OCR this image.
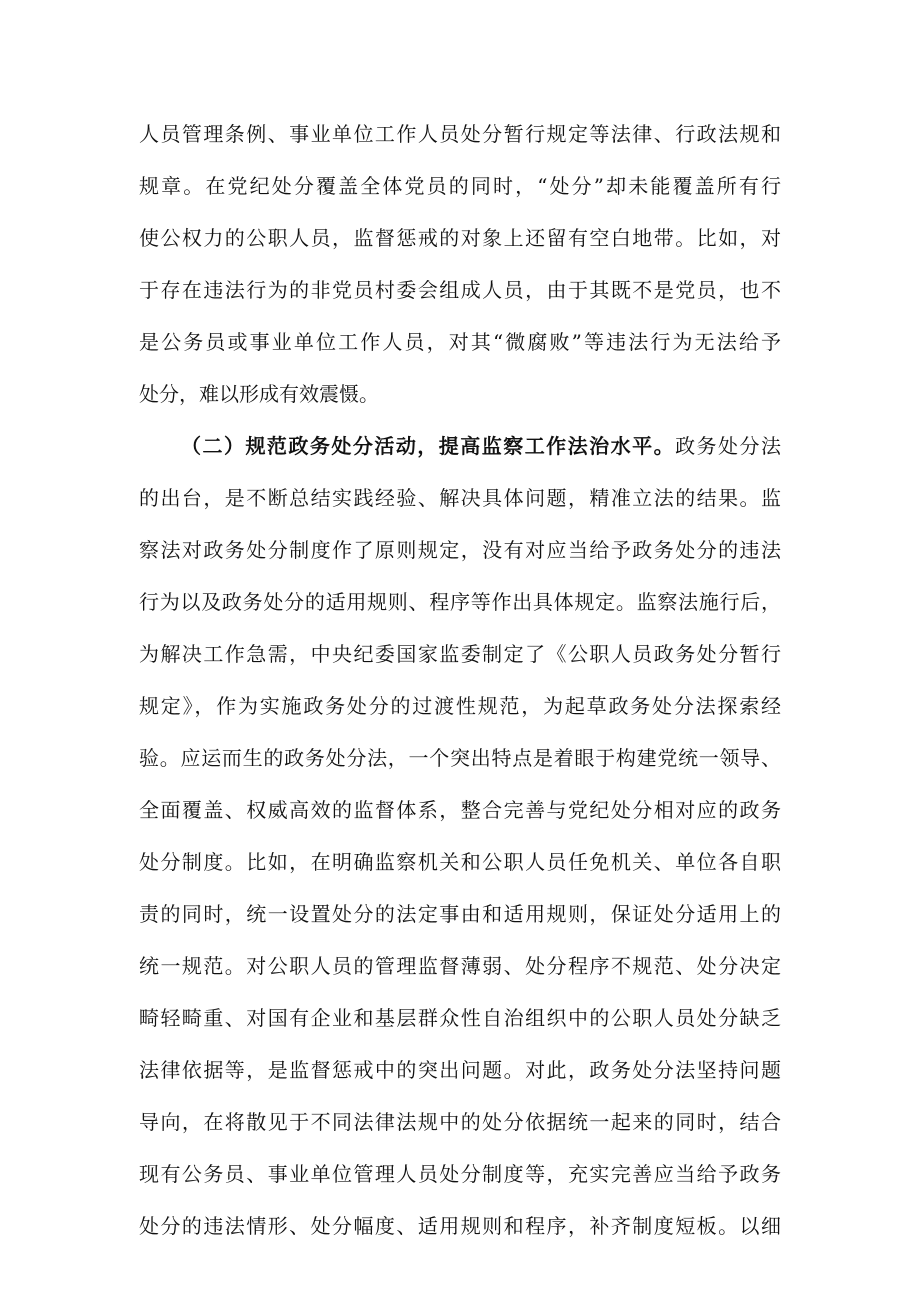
人员管理条例、事业单位工作人员处分暂行规定等法律、行政法规和
规章。在党纪处分覆盖全体党员的同时，“处分”却未能覆盖所有行
使公权力的公职人员，监督惩戒的对象上还留有空白地带。比如，对
于存在违法行为的非党员村委会组成人员，由于其既不是党员，也不
是公务员或事业单位工作人员，对其“微腐败”等违法行为无法给予
处分，难以形成有效震慑。
（二）规范政务处分活动，提高监察工作法治水平。政务处分法
的出台，是不断总结实践经验、解决具体问题，精准立法的结果。监
察法对政务处分制度作了原则规定，没有对应当给予政务处分的违法
行为以及政务处分的适用规则、程序等作出具体规定。监察法施行后，
为解决工作急需，中央纪委国家监委制定了《公职人员政务处分暂行
规定》，作为实施政务处分的过渡性规范，为起草政务处分法探索经
验。应运而生的政务处分法，一个突出特点是着眼于构建党统一领导、
全面覆盖、权威高效的监督体系，整合完善与党纪处分相对应的政务
处分制度。比如，在明确监察机关和公职人员任免机关、单位各自职
责的同时，统一设置处分的法定事由和适用规则，保证处分适用上的
统一规范。对公职人员的管理监督薄弱、处分程序不规范、处分决定
畸轻畸重、对国有企业和基层群众性自治组织中的公职人员处分缺乏
法律依据等，是监督惩戒中的突出问题。对此，政务处分法坚持问题
导向，在将散见于不同法律法规中的处分依据统一起来的同时，结合
现有公务员、事业单位管理人员处分制度等，充实完善应当给予政务
处分的违法情形、处分幅度、适用规则和程序，补齐制度短板。以细
